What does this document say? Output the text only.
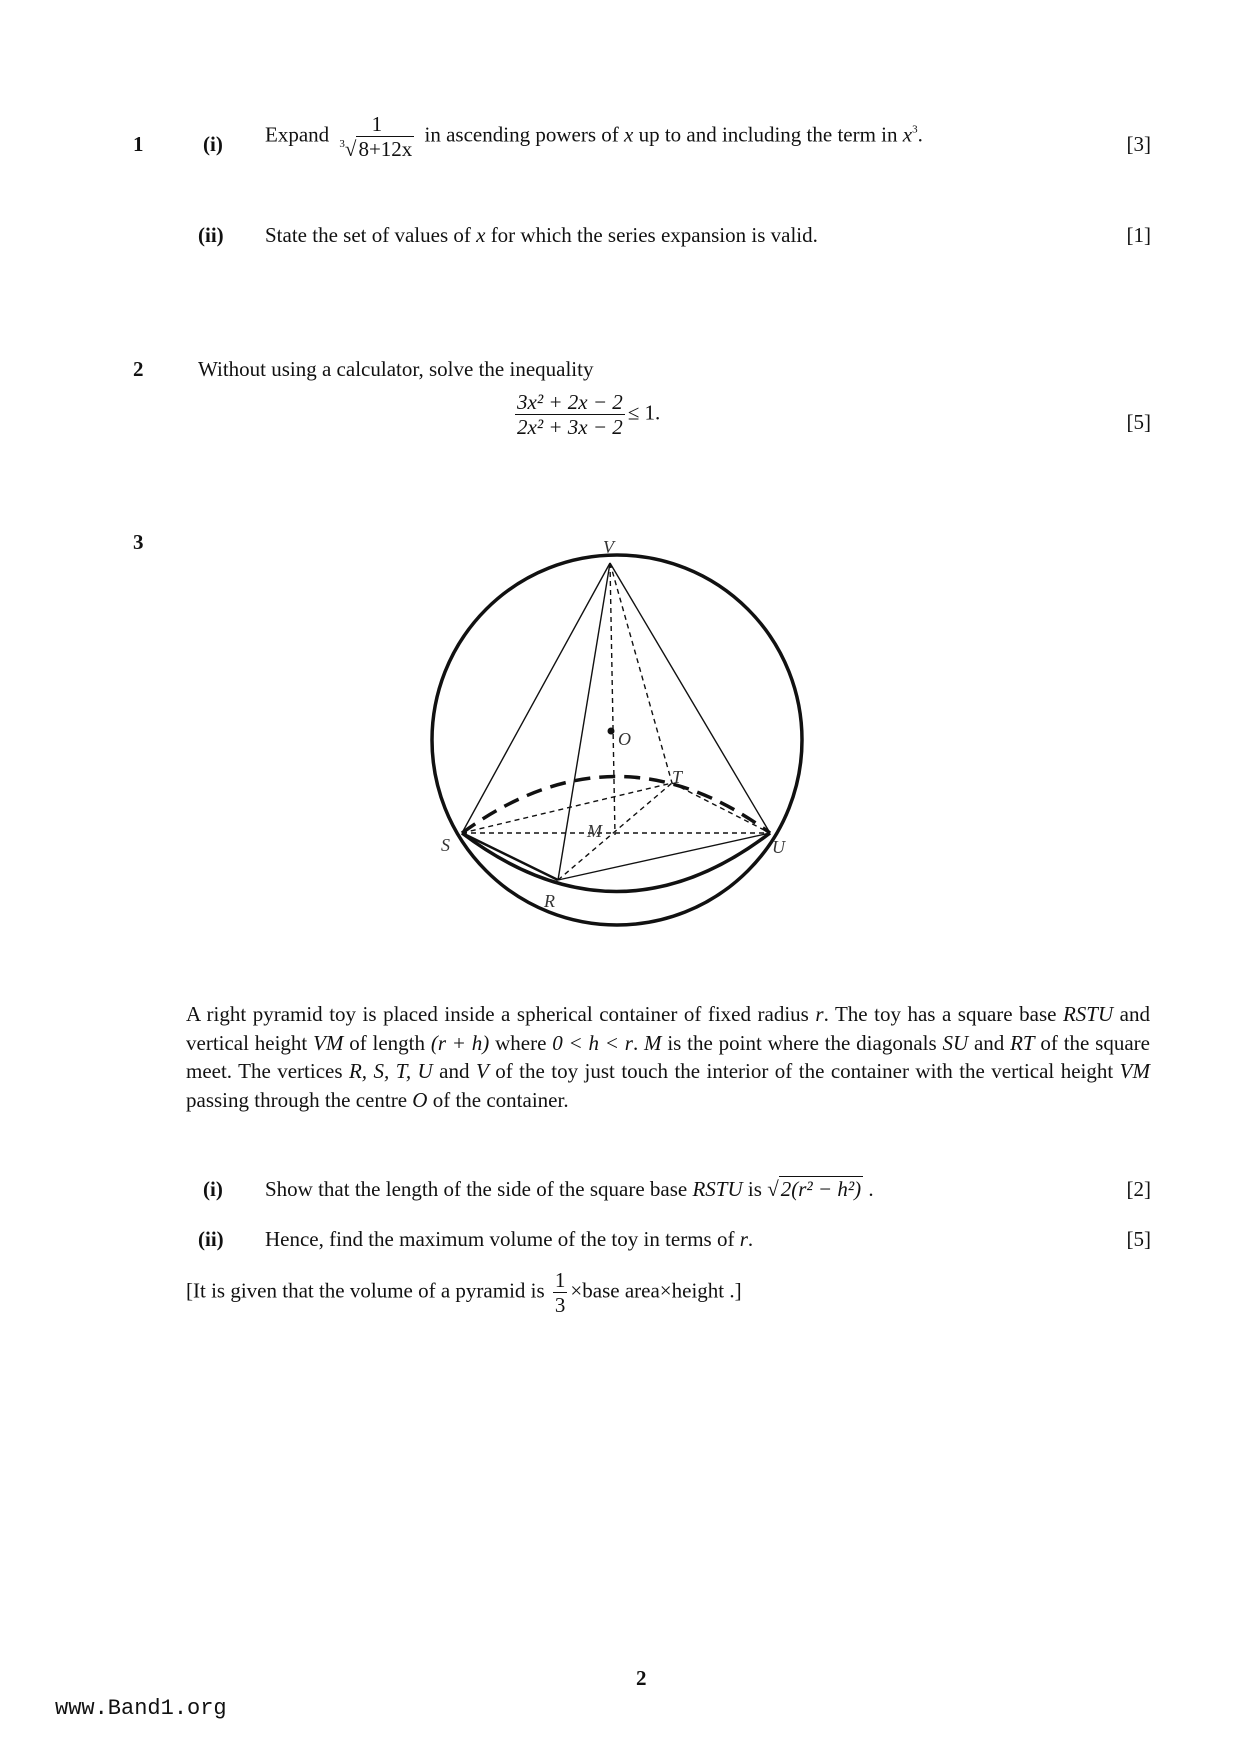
1	(i) Expand $\frac{1}{^3√8+12x}$ in ascending powers of x up to and including the term in $x^3$.	[3]
(ii) State the set of values of x for which the series expansion is valid.	[1]
2	Without using a calculator, solve the inequality
$\frac{\text{3x² + 2x − 2}}{\text{2x² + 3x − 2}} \le 1$.	[5]
3	V
O
T
M
S	U
R
A right pyramid toy is placed inside a spherical container of fixed radius r. The toy has a square base RSTU and vertical height VM of length (r + h) where 0 < h < r. M is the point where the diagonals SU and RT of the square meet. The vertices R, S, T, U and V of the toy just touch the interior of the container with the vertical height VM passing through the centre O of the container.
(i) Show that the length of the side of the square base RSTU is √2(r² − h²) .	[2]
(ii) Hence, find the maximum volume of the toy in terms of r.	[5]
[It is given that the volume of a pyramid is $\frac{1}{3}$ ×base area×height .]
2
www.Band1.org
